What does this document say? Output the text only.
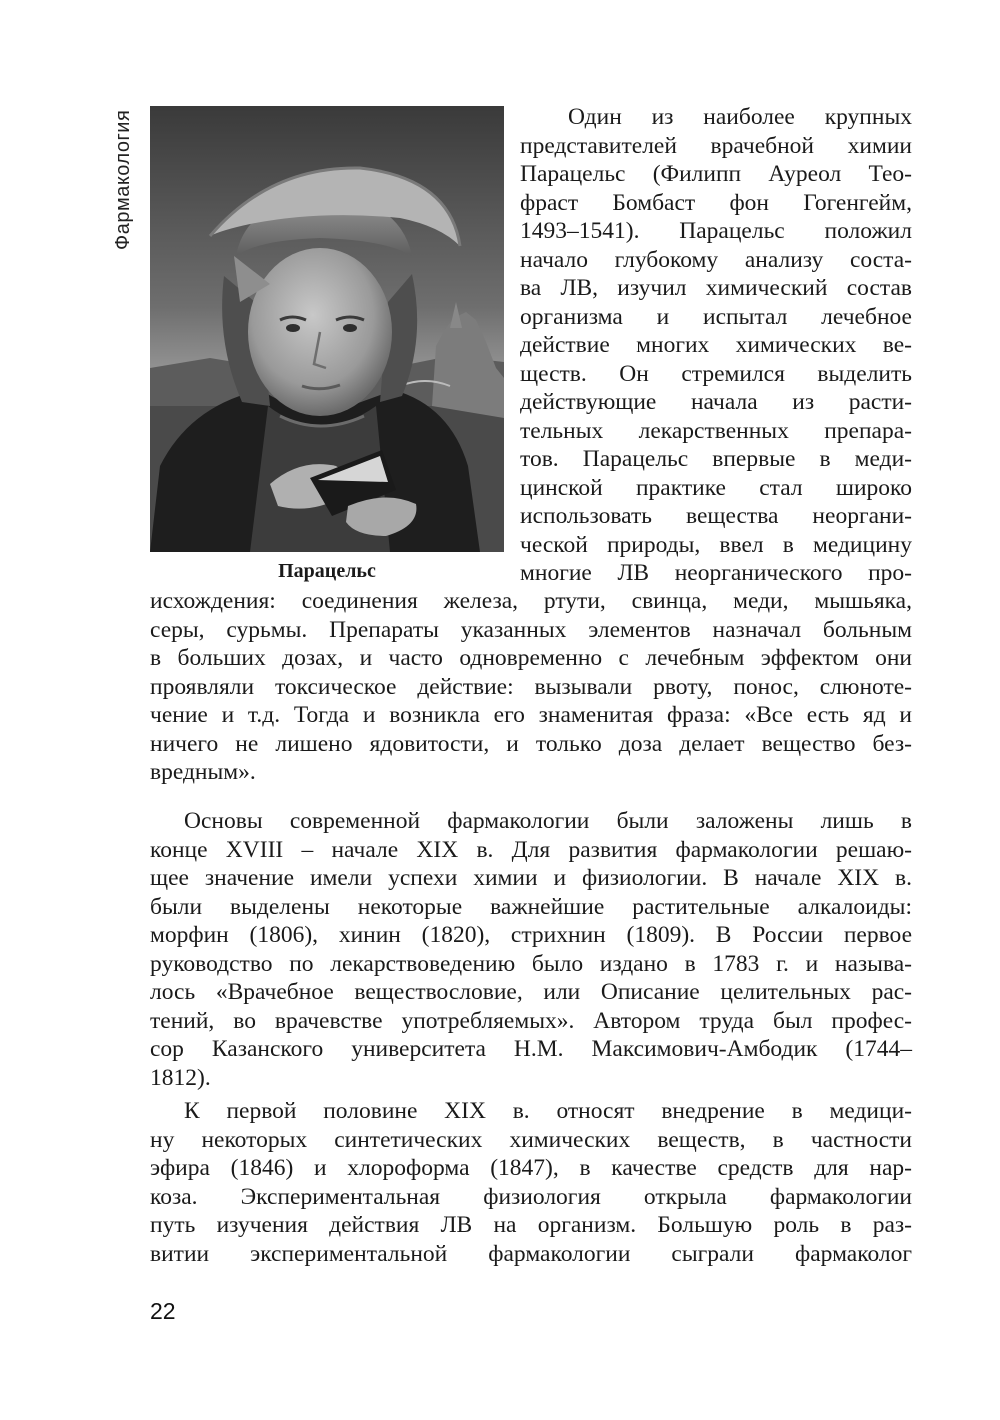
Фармакология
Парацельс
Один из наиболее крупных
представителей врачебной химии
Парацельс (Филипп Ауреол Тео-
фраст Бомбаст фон Гогенгейм,
1493–1541). Парацельс положил
начало глубокому анализу соста-
ва ЛВ, изучил химический состав
организма и испытал лечебное
действие многих химических ве-
ществ. Он стремился выделить
действующие начала из расти-
тельных лекарственных препара-
тов. Парацельс впервые в меди-
цинской практике стал широко
использовать вещества неоргани-
ческой природы, ввел в медицину
многие ЛВ неорганического про-
исхождения: соединения железа, ртути, свинца, меди, мышьяка,
серы, сурьмы. Препараты указанных элементов назначал больным
в больших дозах, и часто одновременно с лечебным эффектом они
проявляли токсическое действие: вызывали рвоту, понос, слюноте-
чение и т.д. Тогда и возникла его знаменитая фраза: «Все есть яд и
ничего не лишено ядовитости, и только доза делает вещество без-
вредным».
Основы современной фармакологии были заложены лишь в
конце XVIII – начале XIX в. Для развития фармакологии решаю-
щее значение имели успехи химии и физиологии. В начале XIX в.
были выделены некоторые важнейшие растительные алкалоиды:
морфин (1806), хинин (1820), стрихнин (1809). В России первое
руководство по лекарствоведению было издано в 1783 г. и называ-
лось «Врачебное веществословие, или Описание целительных рас-
тений, во врачевстве употребляемых». Автором труда был профес-
сор Казанского университета Н.М. Максимович-Амбодик (1744–
1812).
К первой половине XIX в. относят внедрение в медици-
ну некоторых синтетических химических веществ, в частности
эфира (1846) и хлороформа (1847), в качестве средств для нар-
коза. Экспериментальная физиология открыла фармакологии
путь изучения действия ЛВ на организм. Большую роль в раз-
витии экспериментальной фармакологии сыграли фармаколог
22
